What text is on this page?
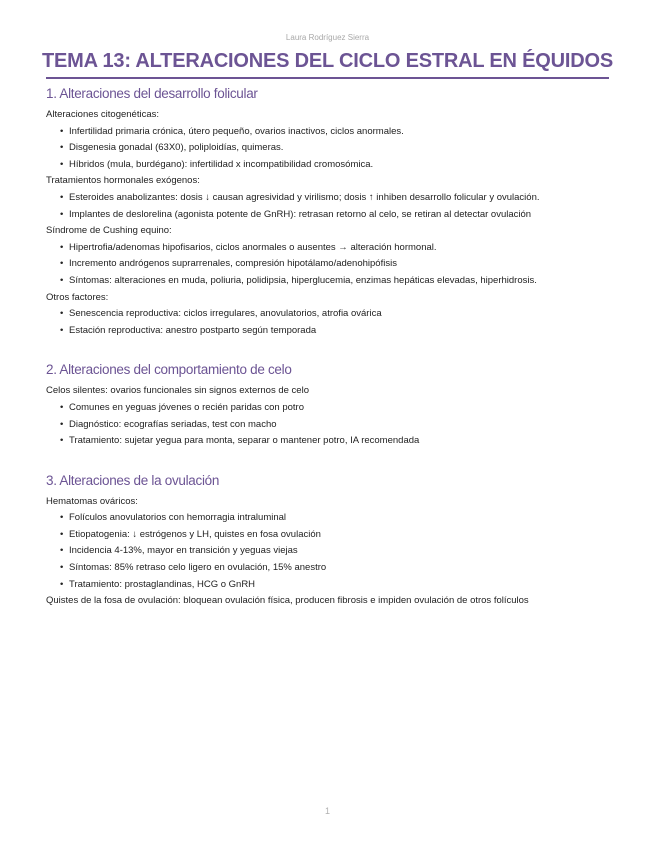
Laura Rodríguez Sierra
TEMA 13: ALTERACIONES DEL CICLO ESTRAL EN ÉQUIDOS
1. Alteraciones del desarrollo folicular

Alteraciones citogenéticas:

• Infertilidad primaria crónica, útero pequeño, ovarios inactivos, ciclos anormales.
• Disgenesia gonadal (63X0), poliploidías, quimeras.
• Híbridos (mula, burdégano): infertilidad x incompatibilidad cromosómica.

Tratamientos hormonales exógenos:

• Esteroides anabolizantes: dosis ↓ causan agresividad y virilismo; dosis ↑ inhiben desarrollo folicular y ovulación.
• Implantes de deslorelina (agonista potente de GnRH): retrasan retorno al celo, se retiran al detectar ovulación

Síndrome de Cushing equino:

• Hipertrofia/adenomas hipofisarios, ciclos anormales o ausentes → alteración hormonal.
• Incremento andrógenos suprarrenales, compresión hipotálamo/adenohipófisis
• Síntomas: alteraciones en muda, poliuria, polidipsia, hiperglucemia, enzimas hepáticas elevadas, hiperhidrosis.

Otros factores:

• Senescencia reproductiva: ciclos irregulares, anovulatorios, atrofia ovárica
• Estación reproductiva: anestro postparto según temporada
2. Alteraciones del comportamiento de celo

Celos silentes: ovarios funcionales sin signos externos de celo

• Comunes en yeguas jóvenes o recién paridas con potro
• Diagnóstico: ecografías seriadas, test con macho
• Tratamiento: sujetar yegua para monta, separar o mantener potro, IA recomendada
3. Alteraciones de la ovulación

Hematomas ováricos:

• Folículos anovulatorios con hemorragia intraluminal
• Etiopatogenia: ↓ estrógenos y LH, quistes en fosa ovulación
• Incidencia 4-13%, mayor en transición y yeguas viejas
• Síntomas: 85% retraso celo ligero en ovulación, 15% anestro
• Tratamiento: prostaglandinas, HCG o GnRH

Quistes de la fosa de ovulación: bloquean ovulación física, producen fibrosis e impiden ovulación de otros folículos

1
